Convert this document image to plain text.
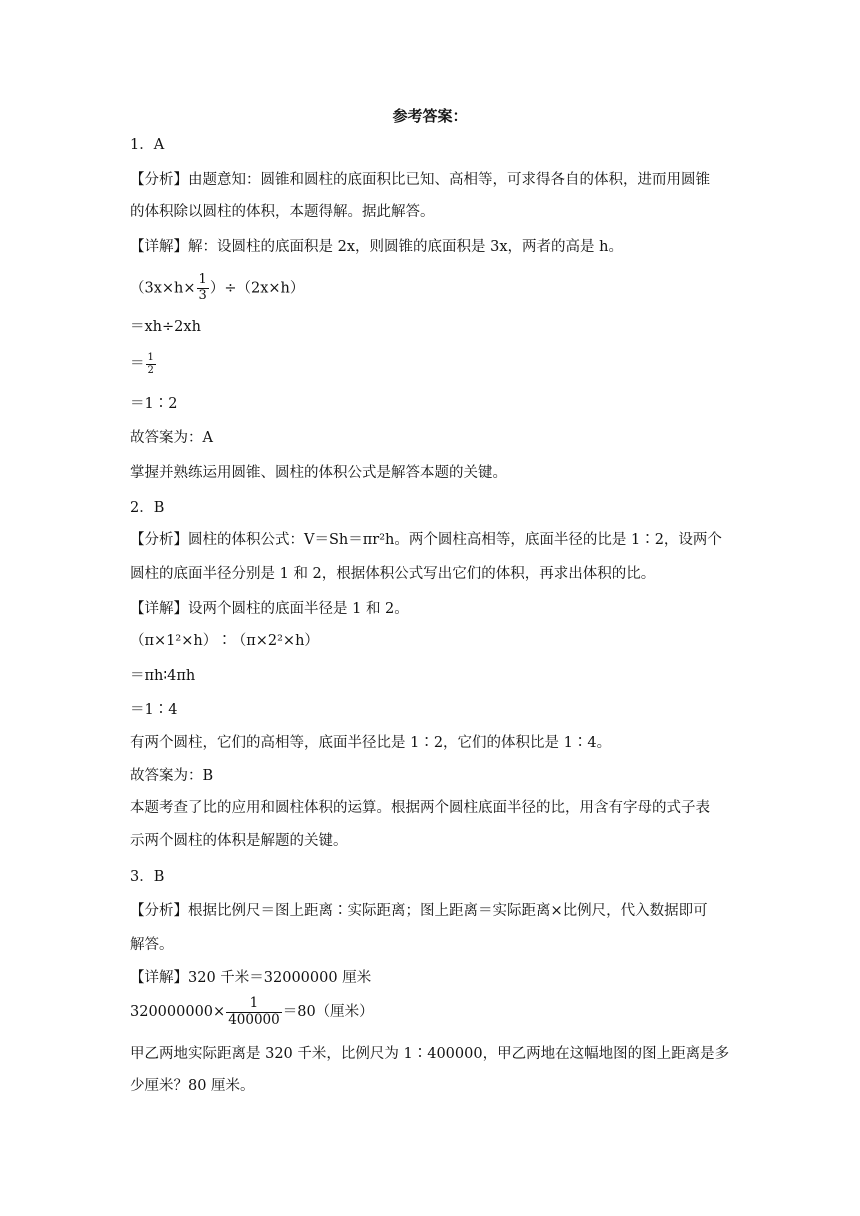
参考答案：
1．A
【分析】由题意知：圆锥和圆柱的底面积比已知、高相等，可求得各自的体积，进而用圆锥
的体积除以圆柱的体积，本题得解。据此解答。
【详解】解：设圆柱的底面积是 2x，则圆锥的底面积是 3x，两者的高是 h。
$(3x\times h\times \frac{1}{3} )\div(2x\times h)$
＝xh÷2xh
＝ $\frac{1}{2}$
＝1∶2
故答案为：A
掌握并熟练运用圆锥、圆柱的体积公式是解答本题的关键。
2．B
【分析】圆柱的体积公式：V＝Sh＝πr²h。两个圆柱高相等，底面半径的比是 1∶2，设两个
圆柱的底面半径分别是 1 和 2，根据体积公式写出它们的体积，再求出体积的比。
【详解】设两个圆柱的底面半径是 1 和 2。
（π×1²×h）∶（π×2²×h）
＝πh∶4πh
＝1∶4
有两个圆柱，它们的高相等，底面半径比是 1∶2，它们的体积比是 1∶4。
故答案为：B
本题考查了比的应用和圆柱体积的运算。根据两个圆柱底面半径的比，用含有字母的式子表
示两个圆柱的体积是解题的关键。
3．B
【分析】根据比例尺＝图上距离∶实际距离；图上距离＝实际距离×比例尺，代入数据即可
解答。
【详解】320 千米＝32000000 厘米
$320000000\times \frac{1}{400000} =80$（厘米）
甲乙两地实际距离是 320 千米，比例尺为 1∶400000，甲乙两地在这幅地图的图上距离是多
少厘米？80 厘米。
